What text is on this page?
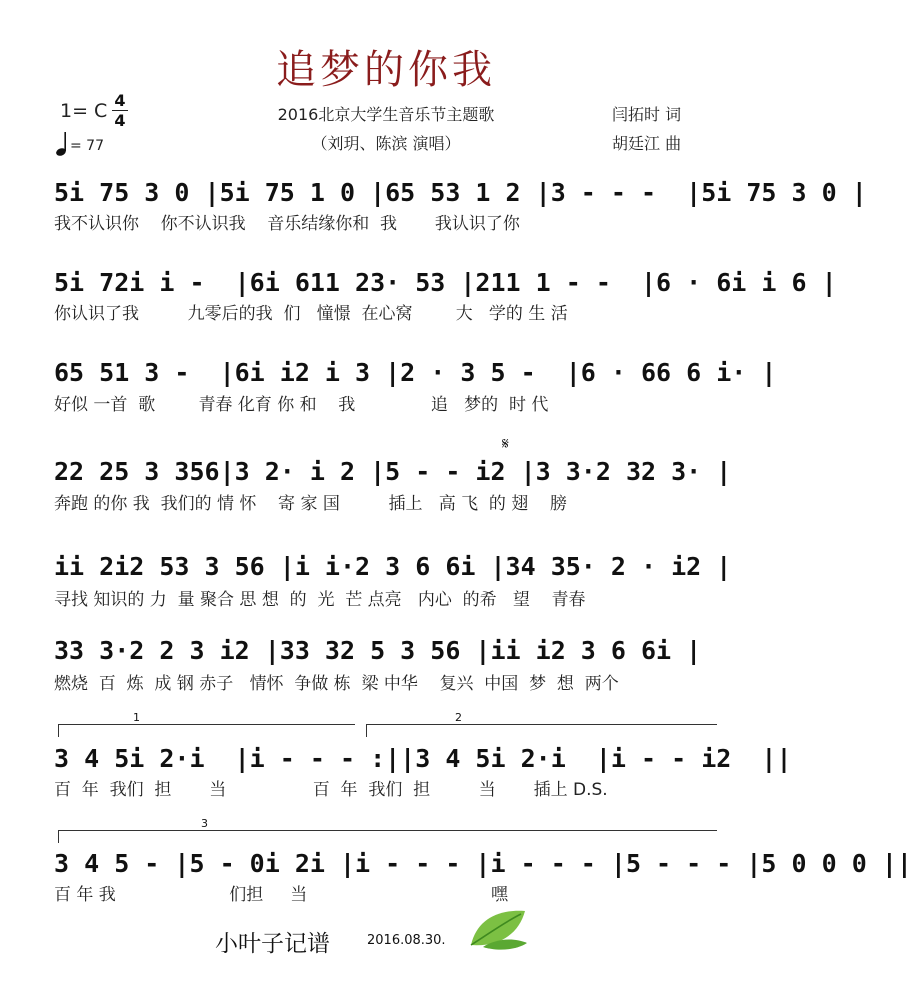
追梦的你我
1= C 4
4
= 77
2016北京大学生音乐节主题歌
（刘玥、陈滨 演唱）
闫拓时 词
胡廷江 曲
5i 75 3 0 |5i 75 1 0 |65 53 1 2 |3 - - -  |5i 75 3 0 |
我不认识你    你不认识我    音乐结缘你和  我       我认识了你
5i 72i i -  |6i 611 23· 53 |211 1 - -  |6 · 6i i 6 |
你认识了我         九零后的我  们   憧憬  在心窝        大   学的 生 活
65 51 3 -  |6i i2 i 3 |2 · 3 5 -  |6 · 66 6 i· |
好似 一首  歌        青春 化育 你 和    我              追   梦的  时 代
𝄋
22 25 3 356|3 2· i 2 |5 - - i2 |3 3·2 32 3· |
奔跑 的你 我  我们的 情 怀    寄 家 国         插上   高 飞  的 翅    膀
ii 2i2 53 3 56 |i i·2 3 6 6i |34 35· 2 · i2 |
寻找 知识的 力  量 聚合 思 想  的  光  芒 点亮   内心  的希   望    青春
33 3·2 2 3 i2 |33 32 5 3 56 |ii i2 3 6 6i |
燃烧  百  炼  成 钢 赤子   情怀  争做 栋  梁 中华    复兴  中国  梦  想  两个
1	2
3 4 5i 2·i  |i - - - :||3 4 5i 2·i  |i - - i2  ||
百  年  我们  担       当                百  年  我们  担         当       插上 D.S.
3
3 4 5 - |5 - 0i 2i |i - - - |i - - - |5 - - - |5 0 0 0 ||
百 年 我                     们担     当                                  嘿
小叶子记谱	2016.08.30.
